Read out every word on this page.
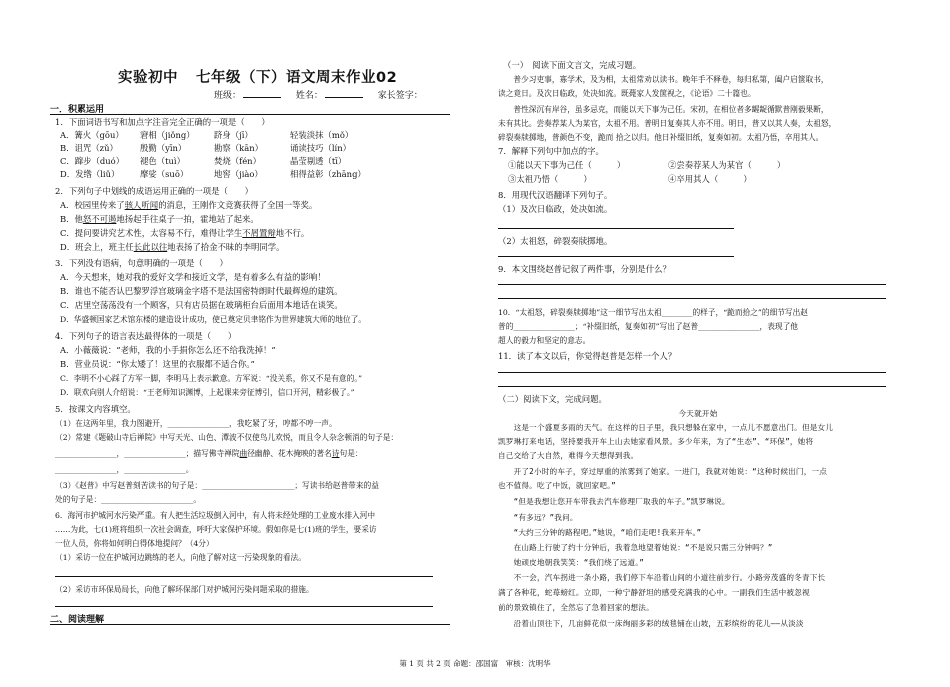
实验初中 七年级（下）语文周末作业02
班级：	姓名：	家长签字：
一．积累运用
1．下面词语书写和加点字注音完全正确的一项是（　　）
A．篝火（gōu） 窘相（jiǒng） 跻身（jī）	轻装淡抹（mǒ）
B．诅咒（zǔ）	殷勤（yīn）	勘察（kān）	诵读技巧（lín）
C．蹿步（duó） 褪色（tuì）	焚烧（fén）	晶莹剔透（tī）
D．发绺（liǔ） 摩娑（suō）	地窖（jiào）	相得益彰（zhāng）
2．下列句子中划线的成语运用正确的一项是（　　）
A．校园里传来了骇人听闻的消息，王刚作文竞赛获得了全国一等奖。
B．他怒不可遏地扬起手往桌子一拍，霍地站了起来。
C．提问要讲究艺术性，太容易不行，难得让学生不屑置辩地不行。
D．班会上，班主任长此以往地表扬了拾金不昧的李明同学。
3．下列没有语病，句意明确的一项是（　　）
A．今天想来，她对我的爱好文学和接近文学，是有着多么有益的影响！
B．谁也不能否认巴黎罗浮宫玻璃金字塔不是法国密特朗时代最辉煌的建筑。
C．店里空荡荡没有一个顾客，只有店员据在玻璃柜台后面用本地话在谈笑。
D．华盛顿国家艺术馆东楼的建造设计成功，使已奠定贝聿铭作为世界建筑大师的地位了。
4．下列句子的语言表达最得体的一项是（　　）
A．小薇薇说：“老师，我的小手捐你怎么还不给我洗掉！”
B．营业员说：“你太矮了！这里的衣服都不适合你。”
C．李明不小心踩了方军一脚，李明马上表示歉意。方军说：“没关系，你又不是有意的。”
D．联欢向别人介绍说：“王老师知识渊博，上起课来旁征博引，信口开河，精彩极了。”
5．按课文内容填空。
（1）在这两年里，我力图避开，________________，我吃紧了牙，哼都不哼一声。
（2）常建《题破山寺后禅院》中写天光、山色、潭波不仅使鸟儿欢悦，而且令人杂念顿消的句子是：
________________，________________；描写佛寺禅院曲径幽静、花木掩映的著名诗句是：
________________，________________。
（3）《赵普》中写赵普刻苦读书的句子是：________________________；写读书给赵普带来的益
处的句子是：________________________。
6．海河市护城河水污染严重。有人把生活垃圾倒入河中，有人将未经处理的工业废水排入河中
……为此，七(1)班将组织一次社会调查，呼吁大家保护环境。假如你是七(1)班的学生，要采访
一位人员，你将如何明白得体地提问？（4分）
（1）采访一位在护城河边跳练的老人，向他了解对这一污染现象的看法。
（2）采访市环保局局长，向他了解环保部门对护城河污染问题采取的措施。
二、阅读理解
（一）　阅读下面文言文，完成习题。
　　普少习吏事，寡学术，及为相，太祖常劝以读书。晚年手不释卷，每归私第，阖户启箧取书，
读之竟日。及次日临政，处决如流。既薨家人发箧视之，《论语》二十篇也。
　　普性深沉有岸谷，虽多忌克，而能以天下事为己任。宋初，在相位者多龌龊循默普刚毅果断，
未有其比。尝奏荐某人为某官，太祖不用。普明日复奏其人亦不用。明日，普又以其人奏，太祖怒，
碎裂奏牍掷地，普颜色不变，跪而 拾之以归。他日补缀旧纸，复奏如初。太祖乃悟，卒用其人。
7．解释下列句中加点的字。
①能以天下事为己任（　　　）	②尝奏荐某人为某官（　　　）
③太祖乃悟（　　　）	④卒用其人（　　　）
8．用现代汉语翻译下列句子。
（1）及次日临政，处决如流。
（2）太祖怒，碎裂奏牍掷地。
9．本文围绕赵普记叙了两件事，分别是什么？
10．“太祖怒，碎裂奏牍掷地”这一细节写出太祖________的样子，“跪而拾之”的细节写出赵
普的________________；“补缀旧纸，复奏如初”写出了赵普________________，表现了他
超人的毅力和坚定的意志。
11．读了本文以后，你觉得赵普是怎样一个人？
（二）阅读下文，完成问题。
今天就开始
　　这是一个盛夏多雨的天气。在这样的日子里，我只想躲在家中，一点儿不愿意出门。但是女儿
凯罗琳打来电话，坚持要我开车上山去她家看风景。多少年来，为了“生态”、“环保”，她将
自己交给了大自然，难得今天想得到我。
　　开了2小时的车子，穿过厚重的浓雾到了她家。一进门，我就对她说：“这种时候出门，一点
也不值得。吃了中饭，就回家吧。”
　　“但是我想让您开车带我去汽车修理厂取我的车子。”凯罗琳说。
　　“有多远？”我问。
　　“大约三分钟的路程吧。”她说，“咱们走吧!我来开车。”
　　在山路上行驶了约十分钟后，我着急地望着她说：“不是说只需三分钟吗？”
　　她顽皮地朝我笑笑：“我们绕了远道。”
　　不一会，汽车拐进一条小路，我们停下车沿着山间的小道往前步行。小路旁茂盛的冬青下长
满了各种花，蛇苺螃红。立即，一种宁静舒坦的感受充满我的心中。一副我们生活中被忽视
前的景致镇住了，全然忘了急着回家的想法。
　　沿着山顶往下，几亩鲜花似一床绚丽多彩的绒毯铺在山坡，五彩缤纷的花儿——从淡淡
第 1 页 共 2 页 命题：邵国富　审核：沈明华
